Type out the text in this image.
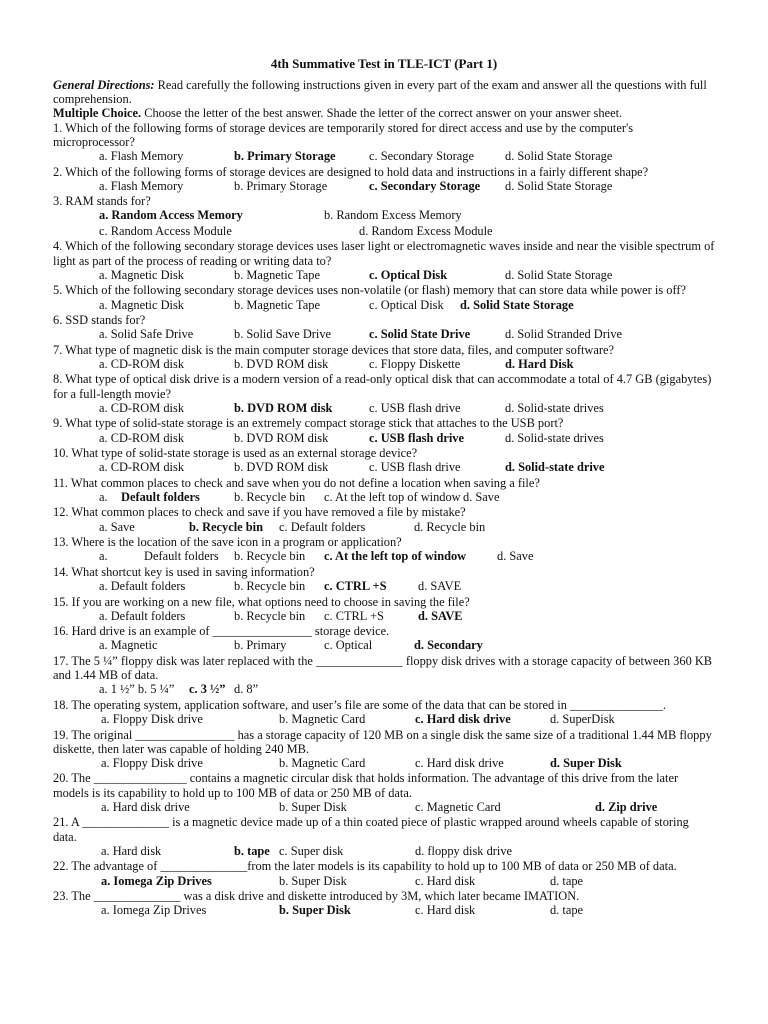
4th Summative Test in TLE-ICT (Part 1)

General Directions: Read carefully the following instructions given in every part of the exam and answer all the questions with full comprehension.

Multiple Choice. Choose the letter of the best answer. Shade the letter of the correct answer on your answer sheet.

1. Which of the following forms of storage devices are temporarily stored for direct access and use by the computer's microprocessor?

a. Flash Memory	b. Primary Storage	c. Secondary Storage	d. Solid State Storage

2. Which of the following forms of storage devices are designed to hold data and instructions in a fairly different shape?

a. Flash Memory	b. Primary Storage	c. Secondary Storage d. Solid State Storage

3. RAM stands for?

a. Random Access Memory	b. Random Excess Memory
c. Random Access Module	d. Random Excess Module

4. Which of the following secondary storage devices uses laser light or electromagnetic waves inside and near the visible spectrum of light as part of the process of reading or writing data to?

a. Magnetic Disk	b. Magnetic Tape	c. Optical Disk	d. Solid State Storage

5. Which of the following secondary storage devices uses non-volatile (or flash) memory that can store data while power is off?

a. Magnetic Disk	b. Magnetic Tape	c. Optical Disk d. Solid State Storage

6. SSD stands for?

a. Solid Safe Drive	b. Solid Save Drive	c. Solid State Drive	d. Solid Stranded Drive

7. What type of magnetic disk is the main computer storage devices that store data, files, and computer software?

a. CD-ROM disk	b. DVD ROM disk	c. Floppy Diskette	d. Hard Disk

8. What type of optical disk drive is a modern version of a read-only optical disk that can accommodate a total of 4.7 GB (gigabytes) for a full-length movie?

a. CD-ROM disk	b. DVD ROM disk	c. USB flash drive	d. Solid-state drives

9. What type of solid-state storage is an extremely compact storage stick that attaches to the USB port?

a. CD-ROM disk	b. DVD ROM disk	c. USB flash drive	d. Solid-state drives

10. What type of solid-state storage is used as an external storage device?

a. CD-ROM disk	b. DVD ROM disk	c. USB flash drive	d. Solid-state drive

11. What common places to check and save when you do not define a location when saving a file?

a. Default folders	b. Recycle bin c. At the left top of window d. Save

12. What common places to check and save if you have removed a file by mistake?

a. Save	b. Recycle bin c. Default folders	d. Recycle bin

13. Where is the location of the save icon in a program or application?

a.	Default folders b. Recycle bin c. At the left top of window d. Save

14. What shortcut key is used in saving information?

a. Default folders	b. Recycle bin c. CTRL +S	d. SAVE

15. If you are working on a new file, what options need to choose in saving the file?

a. Default folders	b. Recycle bin c. CTRL +S	d. SAVE

16. Hard drive is an example of ________________ storage device.

a. Magnetic	b. Primary	c. Optical	d. Secondary

17. The 5 ¼” floppy disk was later replaced with the ______________ floppy disk drives with a storage capacity of between 360 KB and 1.44 MB of data.

a. 1 ½” b. 5 ¼” c. 3 ½” d. 8”

18. The operating system, application software, and user’s file are some of the data that can be stored in _______________.

a. Floppy Disk drive	b. Magnetic Card	c. Hard disk drive	d. SuperDisk

19. The original ________________ has a storage capacity of 120 MB on a single disk the same size of a traditional 1.44 MB floppy diskette, then later was capable of holding 240 MB.

a. Floppy Disk drive	b. Magnetic Card	c. Hard disk drive	d. Super Disk

20. The _______________ contains a magnetic circular disk that holds information. The advantage of this drive from the later models is its capability to hold up to 100 MB of data or 250 MB of data.

a. Hard disk drive	b. Super Disk	c. Magnetic Card	d. Zip drive

21. A ______________ is a magnetic device made up of a thin coated piece of plastic wrapped around wheels capable of storing data.

a. Hard disk	b. tape c. Super disk	d. floppy disk drive

22. The advantage of ______________from the later models is its capability to hold up to 100 MB of data or 250 MB of data.

a. Iomega Zip Drives	b. Super Disk	c. Hard disk	d. tape

23. The ______________ was a disk drive and diskette introduced by 3M, which later became IMATION.

a. Iomega Zip Drives	b. Super Disk	c. Hard disk	d. tape
